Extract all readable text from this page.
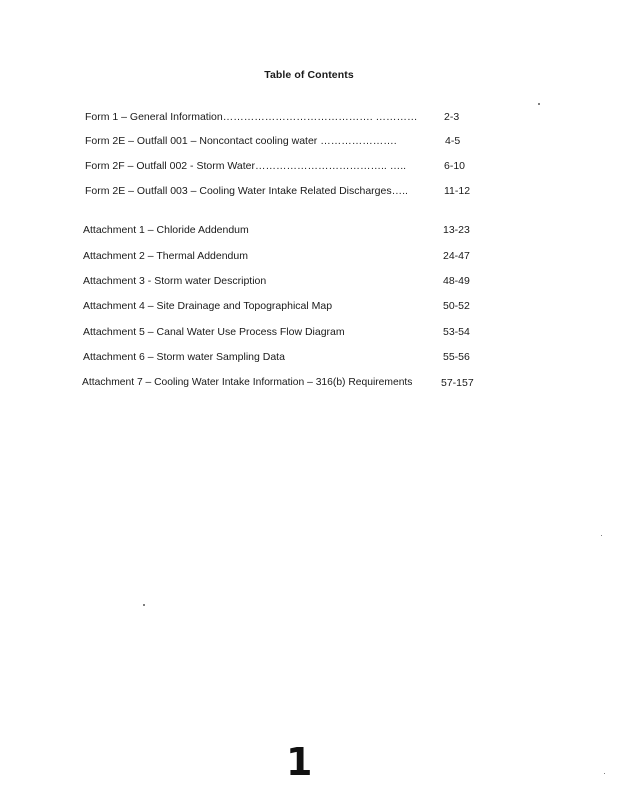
Table of Contents
Form 1 – General Information……………………………………. …………	2-3
Form 2E – Outfall 001 – Noncontact cooling water ………………….	4-5
Form 2F – Outfall 002 - Storm Water……………………………….. …..	6-10
Form 2E – Outfall 003 – Cooling Water Intake Related Discharges…..	11-12
Attachment 1 – Chloride Addendum	13-23
Attachment 2 – Thermal Addendum	24-47
Attachment 3 - Storm water Description	48-49
Attachment 4 – Site Drainage and Topographical Map	50-52
Attachment 5 – Canal Water Use Process Flow Diagram	53-54
Attachment 6 – Storm water Sampling Data	55-56
Attachment 7 – Cooling Water Intake Information – 316(b) Requirements	57-157
1
